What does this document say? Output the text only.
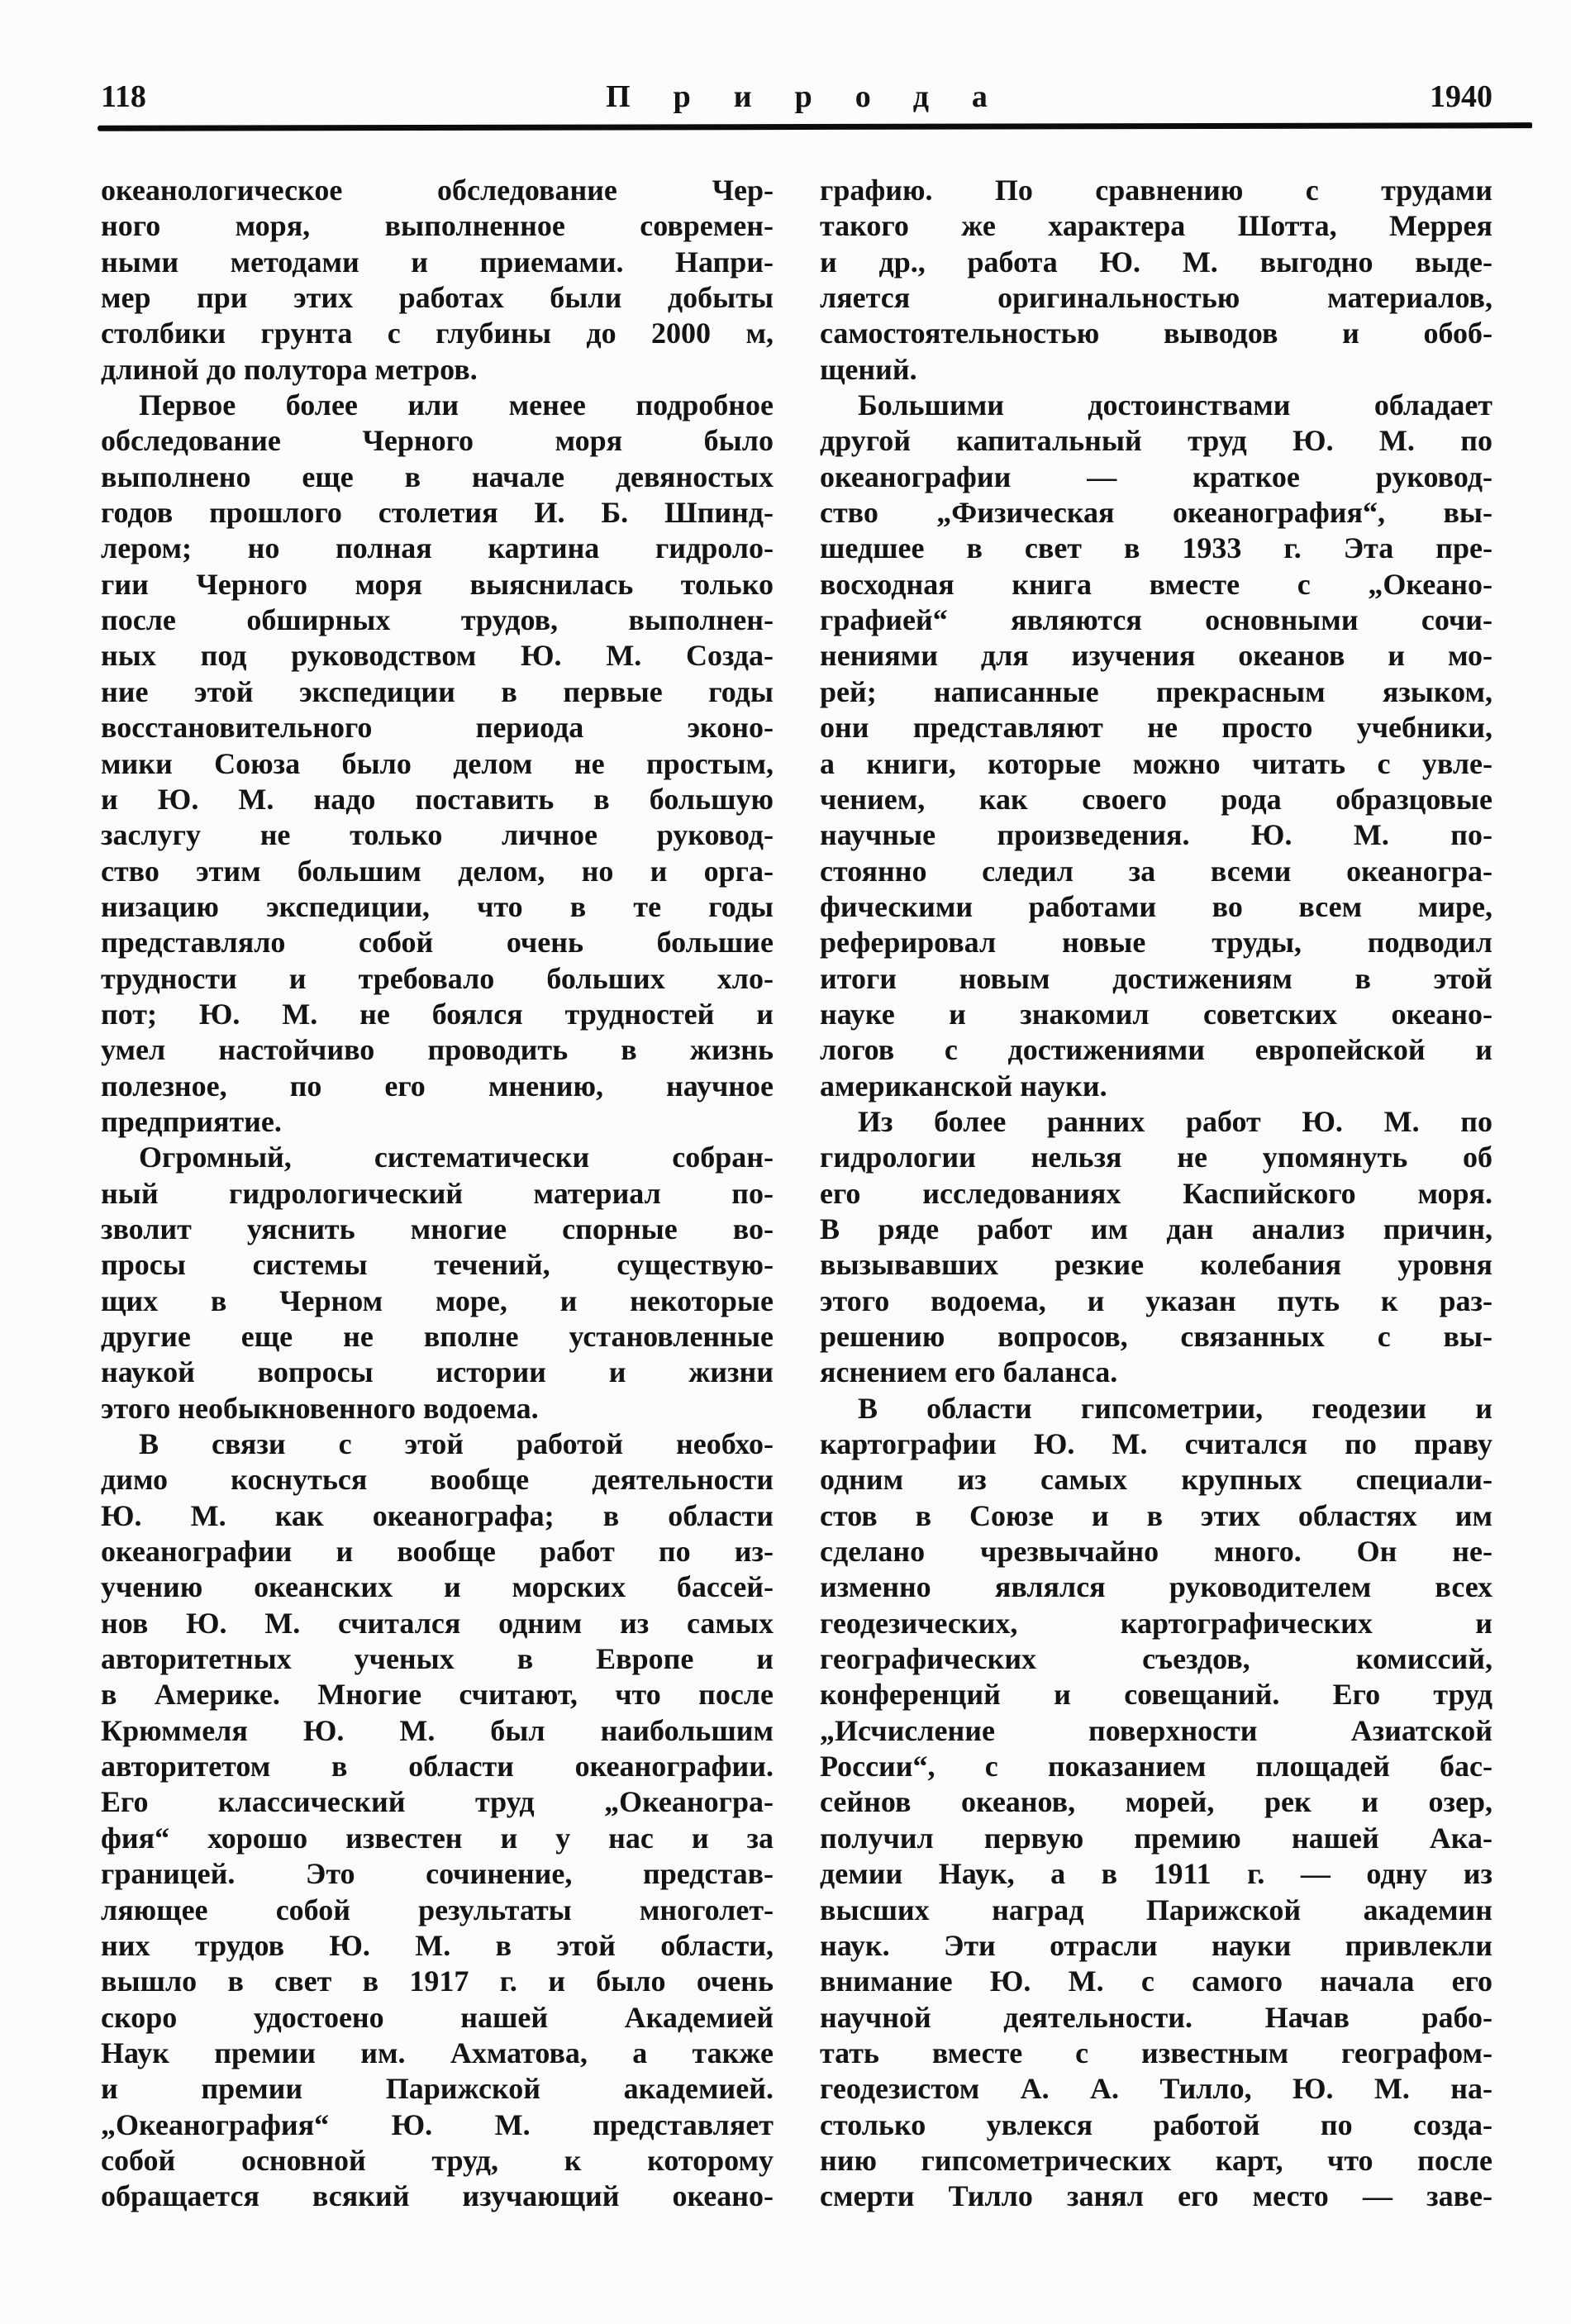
118	Природа	1940
океанологическое обследование Чер-
ного моря, выполненное современ-
ными методами и приемами. Напри-
мер при этих работах были добыты
столбики грунта с глубины до 2000 м,
длиной до полутора метров.
Первое более или менее подробное
обследование Черного моря было
выполнено еще в начале девяностых
годов прошлого столетия И. Б. Шпинд-
лером; но полная картина гидроло-
гии Черного моря выяснилась только
после обширных трудов, выполнен-
ных под руководством Ю. М. Созда-
ние этой экспедиции в первые годы
восстановительного периода эконо-
мики Союза было делом не простым,
и Ю. М. надо поставить в большую
заслугу не только личное руковод-
ство этим большим делом, но и орга-
низацию экспедиции, что в те годы
представляло собой очень большие
трудности и требовало больших хло-
пот; Ю. М. не боялся трудностей и
умел настойчиво проводить в жизнь
полезное, по его мнению, научное
предприятие.
Огромный, систематически собран-
ный гидрологический материал по-
зволит уяснить многие спорные во-
просы системы течений, существую-
щих в Черном море, и некоторые
другие еще не вполне установленные
наукой вопросы истории и жизни
этого необыкновенного водоема.
В связи с этой работой необхо-
димо коснуться вообще деятельности
Ю. М. как океанографа; в области
океанографии и вообще работ по из-
учению океанских и морских бассей-
нов Ю. М. считался одним из самых
авторитетных ученых в Европе и
в Америке. Многие считают, что после
Крюммеля Ю. М. был наибольшим
авторитетом в области океанографии.
Его классический труд „Океаногра-
фия“ хорошо известен и у нас и за
границей. Это сочинение, представ-
ляющее собой результаты многолет-
них трудов Ю. М. в этой области,
вышло в свет в 1917 г. и было очень
скоро удостоено нашей Академией
Наук премии им. Ахматова, а также
и премии Парижской академией.
„Океанография“ Ю. М. представляет
собой основной труд, к которому
обращается всякий изучающий океано-
графию. По сравнению с трудами
такого же характера Шотта, Меррея
и др., работа Ю. М. выгодно выде-
ляется оригинальностью материалов,
самостоятельностью выводов и обоб-
щений.
Большими достоинствами обладает
другой капитальный труд Ю. М. по
океанографии — краткое руковод-
ство „Физическая океанография“, вы-
шедшее в свет в 1933 г. Эта пре-
восходная книга вместе с „Океано-
графией“ являются основными сочи-
нениями для изучения океанов и мо-
рей; написанные прекрасным языком,
они представляют не просто учебники,
а книги, которые можно читать с увле-
чением, как своего рода образцовые
научные произведения. Ю. М. по-
стоянно следил за всеми океаногра-
фическими работами во всем мире,
реферировал новые труды, подводил
итоги новым достижениям в этой
науке и знакомил советских океано-
логов с достижениями европейской и
американской науки.
Из более ранних работ Ю. М. по
гидрологии нельзя не упомянуть об
его исследованиях Каспийского моря.
В ряде работ им дан анализ причин,
вызывавших резкие колебания уровня
этого водоема, и указан путь к раз-
решению вопросов, связанных с вы-
яснением его баланса.
В области гипсометрии, геодезии и
картографии Ю. М. считался по праву
одним из самых крупных специали-
стов в Союзе и в этих областях им
сделано чрезвычайно много. Он не-
изменно являлся руководителем всех
геодезических, картографических и
географических съездов, комиссий,
конференций и совещаний. Его труд
„Исчисление поверхности Азиатской
России“, с показанием площадей бас-
сейнов океанов, морей, рек и озер,
получил первую премию нашей Ака-
демии Наук, а в 1911 г. — одну из
высших наград Парижской академин
наук. Эти отрасли науки привлекли
внимание Ю. М. с самого начала его
научной деятельности. Начав рабо-
тать вместе с известным географом-
геодезистом А. А. Тилло, Ю. М. на-
столько увлекся работой по созда-
нию гипсометрических карт, что после
смерти Тилло занял его место — заве-
